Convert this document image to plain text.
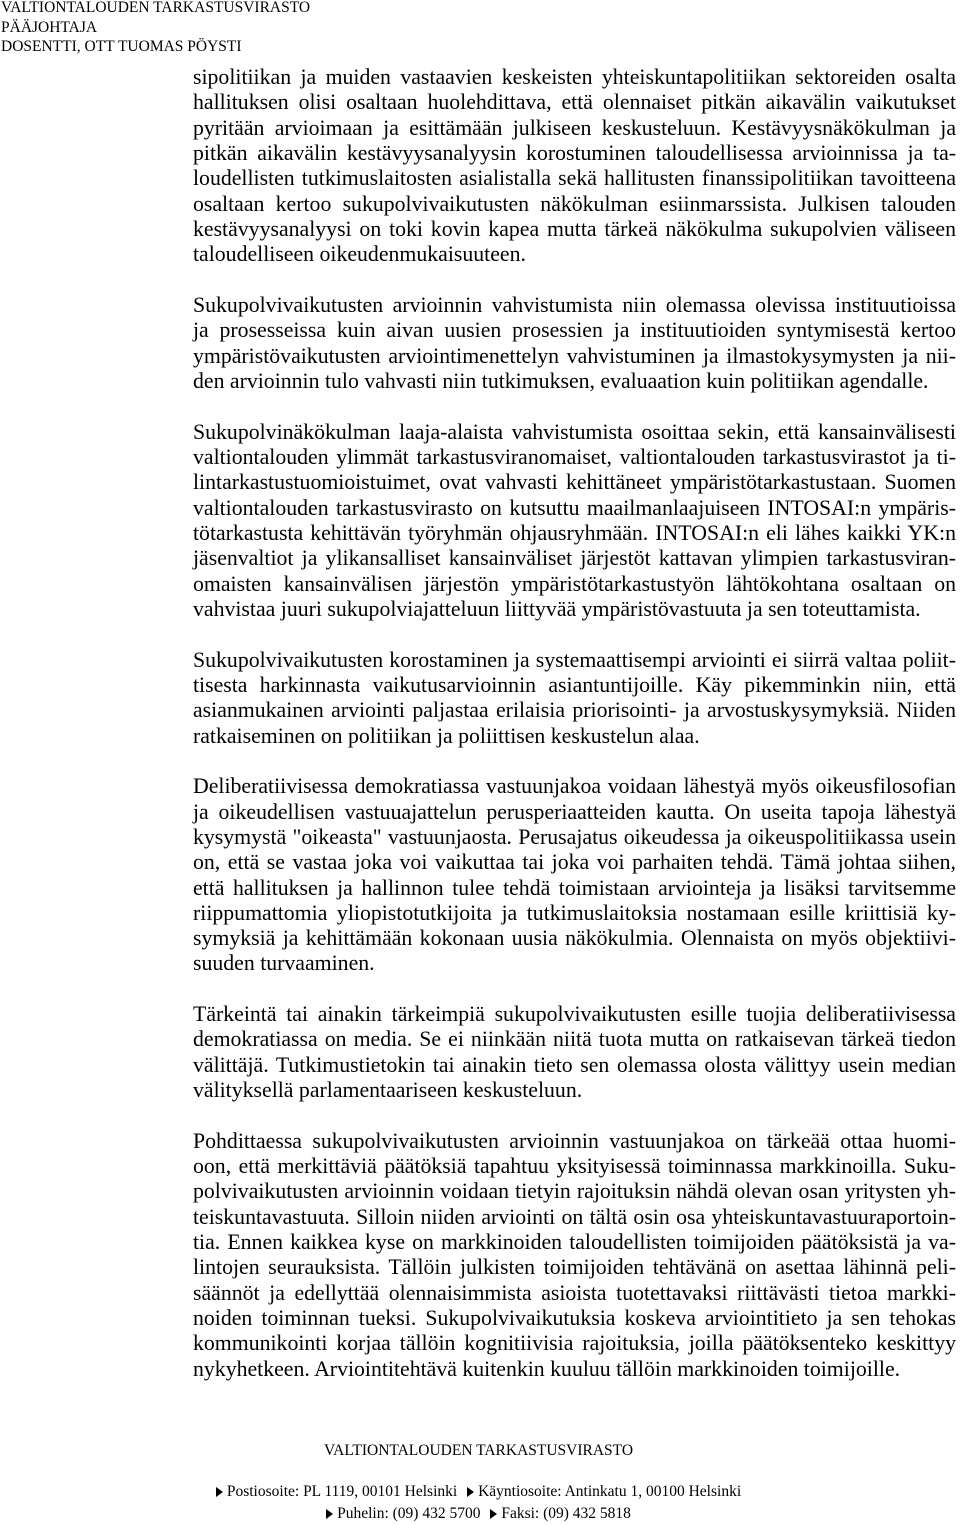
VALTIONTALOUDEN TARKASTUSVIRASTO
PÄÄJOHTAJA
DOSENTTI, OTT TUOMAS PÖYSTI
sipolitiikan ja muiden vastaavien keskeisten yhteiskuntapolitiikan sektoreiden osalta
hallituksen olisi osaltaan huolehdittava, että olennaiset pitkän aikavälin vaikutukset
pyritään arvioimaan ja esittämään julkiseen keskusteluun. Kestävyysnäkökulman ja
pitkän aikavälin kestävyysanalyysin korostuminen taloudellisessa arvioinnissa ja ta-
loudellisten tutkimuslaitosten asialistalla sekä hallitusten finanssipolitiikan tavoitteena
osaltaan kertoo sukupolvivaikutusten näkökulman esiinmarssista. Julkisen talouden
kestävyysanalyysi on toki kovin kapea mutta tärkeä näkökulma sukupolvien väliseen
taloudelliseen oikeudenmukaisuuteen.
Sukupolvivaikutusten arvioinnin vahvistumista niin olemassa olevissa instituutioissa
ja prosesseissa kuin aivan uusien prosessien ja instituutioiden syntymisestä kertoo
ympäristövaikutusten arviointimenettelyn vahvistuminen ja ilmastokysymysten ja nii-
den arvioinnin tulo vahvasti niin tutkimuksen, evaluaation kuin politiikan agendalle.
Sukupolvinäkökulman laaja-alaista vahvistumista osoittaa sekin, että kansainvälisesti
valtiontalouden ylimmät tarkastusviranomaiset, valtiontalouden tarkastusvirastot ja ti-
lintarkastustuomioistuimet, ovat vahvasti kehittäneet ympäristötarkastustaan. Suomen
valtiontalouden tarkastusvirasto on kutsuttu maailmanlaajuiseen INTOSAI:n ympäris-
tötarkastusta kehittävän työryhmän ohjausryhmään. INTOSAI:n eli lähes kaikki YK:n
jäsenvaltiot ja ylikansalliset kansainväliset järjestöt kattavan ylimpien tarkastusviran-
omaisten kansainvälisen järjestön ympäristötarkastustyön lähtökohtana osaltaan on
vahvistaa juuri sukupolviajatteluun liittyvää ympäristövastuuta ja sen toteuttamista.
Sukupolvivaikutusten korostaminen ja systemaattisempi arviointi ei siirrä valtaa poliit-
tisesta harkinnasta vaikutusarvioinnin asiantuntijoille. Käy pikemminkin niin, että
asianmukainen arviointi paljastaa erilaisia priorisointi- ja arvostuskysymyksiä. Niiden
ratkaiseminen on politiikan ja poliittisen keskustelun alaa.
Deliberatiivisessa demokratiassa vastuunjakoa voidaan lähestyä myös oikeusfilosofian
ja oikeudellisen vastuuajattelun perusperiaatteiden kautta. On useita tapoja lähestyä
kysymystä "oikeasta" vastuunjaosta. Perusajatus oikeudessa ja oikeuspolitiikassa usein
on, että se vastaa joka voi vaikuttaa tai joka voi parhaiten tehdä. Tämä johtaa siihen,
että hallituksen ja hallinnon tulee tehdä toimistaan arviointeja ja lisäksi tarvitsemme
riippumattomia yliopistotutkijoita ja tutkimuslaitoksia nostamaan esille kriittisiä ky-
symyksiä ja kehittämään kokonaan uusia näkökulmia. Olennaista on myös objektiivi-
suuden turvaaminen.
Tärkeintä tai ainakin tärkeimpiä sukupolvivaikutusten esille tuojia deliberatiivisessa
demokratiassa on media. Se ei niinkään niitä tuota mutta on ratkaisevan tärkeä tiedon
välittäjä. Tutkimustietokin tai ainakin tieto sen olemassa olosta välittyy usein median
välityksellä parlamentaariseen keskusteluun.
Pohdittaessa sukupolvivaikutusten arvioinnin vastuunjakoa on tärkeää ottaa huomi-
oon, että merkittäviä päätöksiä tapahtuu yksityisessä toiminnassa markkinoilla. Suku-
polvivaikutusten arvioinnin voidaan tietyin rajoituksin nähdä olevan osan yritysten yh-
teiskuntavastuuta. Silloin niiden arviointi on tältä osin osa yhteiskuntavastuuraportoin-
tia. Ennen kaikkea kyse on markkinoiden taloudellisten toimijoiden päätöksistä ja va-
lintojen seurauksista. Tällöin julkisten toimijoiden tehtävänä on asettaa lähinnä peli-
säännöt ja edellyttää olennaisimmista asioista tuotettavaksi riittävästi tietoa markki-
noiden toiminnan tueksi. Sukupolvivaikutuksia koskeva arviointitieto ja sen tehokas
kommunikointi korjaa tällöin kognitiivisia rajoituksia, joilla päätöksenteko keskittyy
nykyhetkeen. Arviointitehtävä kuitenkin kuuluu tällöin markkinoiden toimijoille.
VALTIONTALOUDEN TARKASTUSVIRASTO
Postiosoite: PL 1119, 00101 Helsinki Käyntiosoite: Antinkatu 1, 00100 Helsinki
Puhelin: (09) 432 5700 Faksi: (09) 432 5818
